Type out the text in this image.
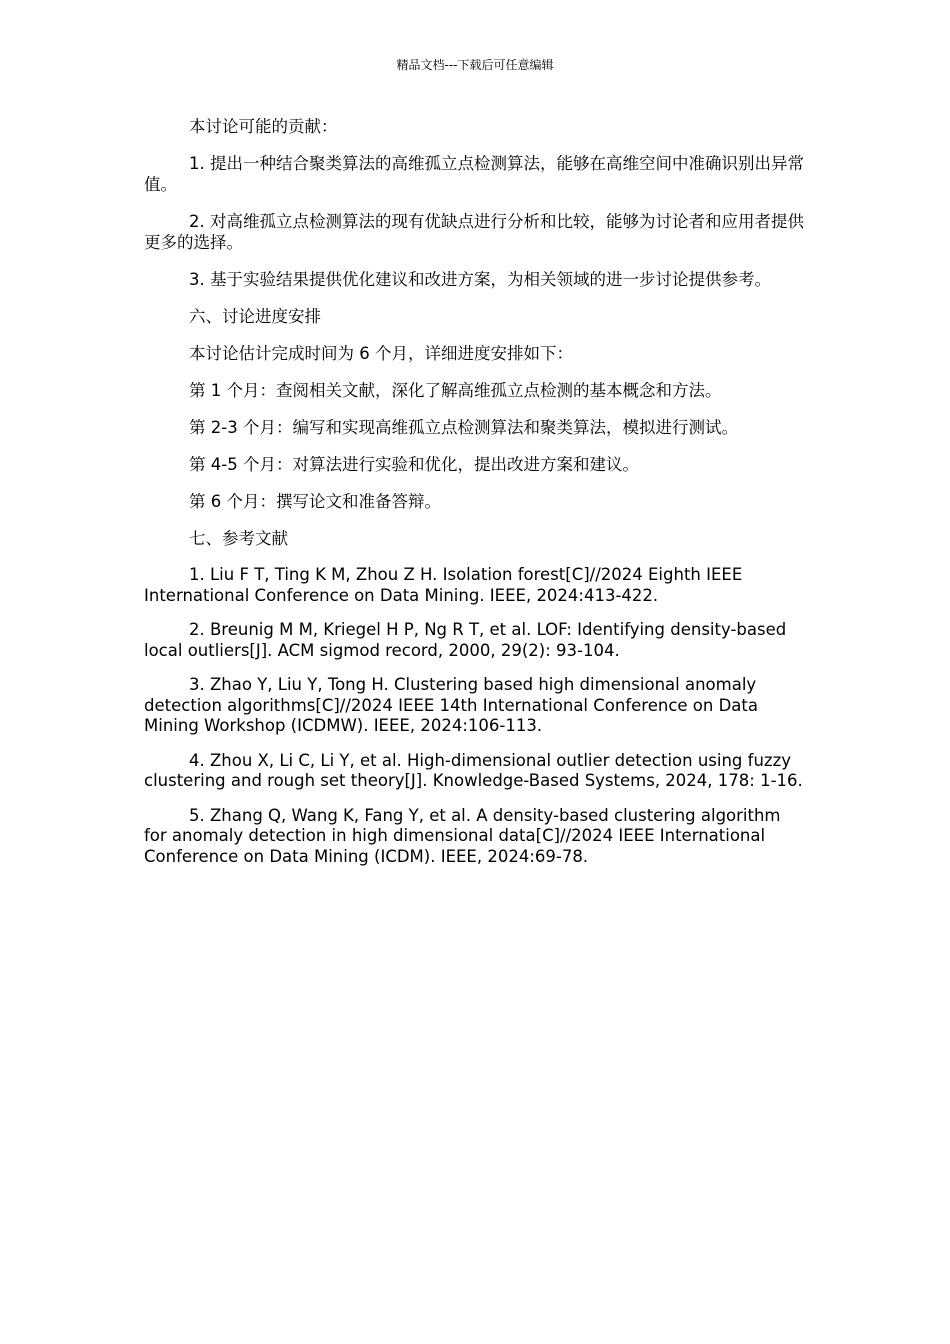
精品文档---下载后可任意编辑

本讨论可能的贡献：

1. 提出一种结合聚类算法的高维孤立点检测算法，能够在高维空间中准确识别出异常值。

2. 对高维孤立点检测算法的现有优缺点进行分析和比较，能够为讨论者和应用者提供更多的选择。

3. 基于实验结果提供优化建议和改进方案，为相关领域的进一步讨论提供参考。

六、讨论进度安排

本讨论估计完成时间为 6 个月，详细进度安排如下：

第 1 个月：查阅相关文献，深化了解高维孤立点检测的基本概念和方法。

第 2-3 个月：编写和实现高维孤立点检测算法和聚类算法，模拟进行测试。

第 4-5 个月：对算法进行实验和优化，提出改进方案和建议。

第 6 个月：撰写论文和准备答辩。

七、参考文献

1. Liu F T, Ting K M, Zhou Z H. Isolation forest[C]//2024 Eighth IEEE International Conference on Data Mining. IEEE, 2024:413-422.

2. Breunig M M, Kriegel H P, Ng R T, et al. LOF: Identifying density-based local outliers[J]. ACM sigmod record, 2000, 29(2): 93-104.

3. Zhao Y, Liu Y, Tong H. Clustering based high dimensional anomaly detection algorithms[C]//2024 IEEE 14th International Conference on Data Mining Workshop (ICDMW). IEEE, 2024:106-113.

4. Zhou X, Li C, Li Y, et al. High-dimensional outlier detection using fuzzy clustering and rough set theory[J]. Knowledge-Based Systems, 2024, 178: 1-16.

5. Zhang Q, Wang K, Fang Y, et al. A density-based clustering algorithm for anomaly detection in high dimensional data[C]//2024 IEEE International Conference on Data Mining (ICDM). IEEE, 2024:69-78.
